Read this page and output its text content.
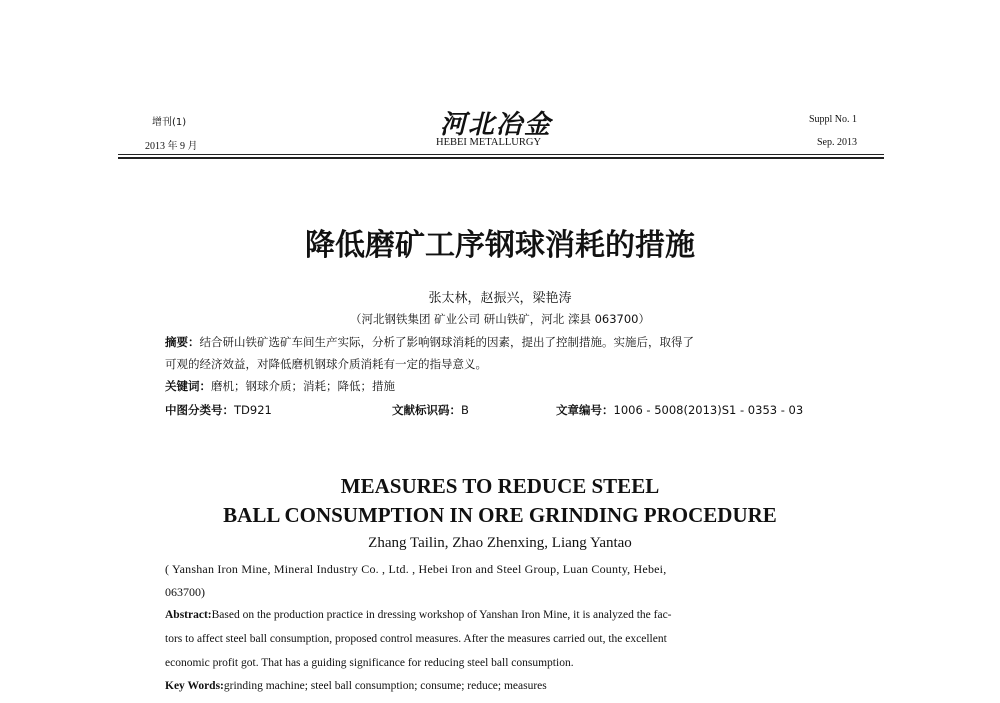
增刊(1)
2013 年 9 月
河北冶金
HEBEI METALLURGY
Suppl No. 1
Sep. 2013
降低磨矿工序钢球消耗的措施
张太林，赵振兴，梁艳涛
（河北钢铁集团 矿业公司 研山铁矿，河北 滦县 063700）
摘要：结合研山铁矿选矿车间生产实际，分析了影响钢球消耗的因素，提出了控制措施。实施后，取得了
可观的经济效益，对降低磨机钢球介质消耗有一定的指导意义。
关键词：磨机；钢球介质；消耗；降低；措施
中图分类号：TD921	文献标识码：B	文章编号：1006 - 5008(2013)S1 - 0353 - 03
MEASURES TO REDUCE STEEL
BALL CONSUMPTION IN ORE GRINDING PROCEDURE
Zhang Tailin, Zhao Zhenxing, Liang Yantao
( Yanshan Iron Mine, Mineral Industry Co. , Ltd. , Hebei Iron and Steel Group, Luan County, Hebei,
063700)
Abstract:Based on the production practice in dressing workshop of Yanshan Iron Mine, it is analyzed the fac-
tors to affect steel ball consumption, proposed control measures. After the measures carried out, the excellent
economic profit got. That has a guiding significance for reducing steel ball consumption.
Key Words:grinding machine; steel ball consumption; consume; reduce; measures
